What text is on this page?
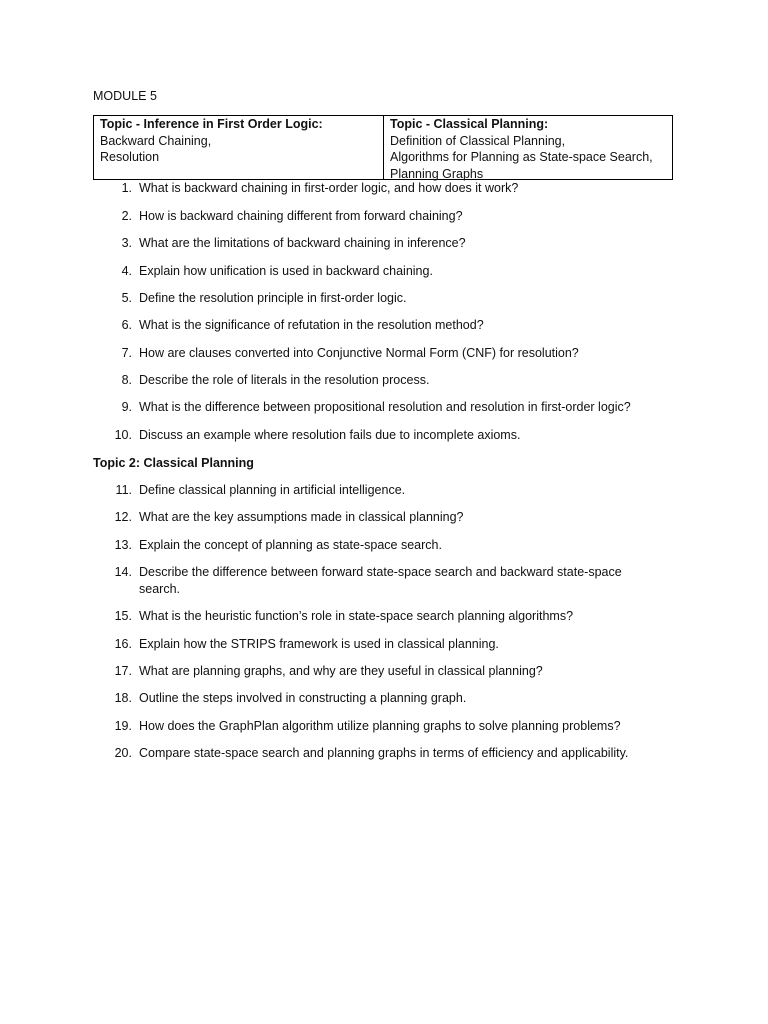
MODULE 5
Topic - Inference in First Order Logic:
Backward Chaining,
Resolution
Topic - Classical Planning:
Definition of Classical Planning,
Algorithms for Planning as State-space Search,
Planning Graphs
1. What is backward chaining in first-order logic, and how does it work?
2. How is backward chaining different from forward chaining?
3. What are the limitations of backward chaining in inference?
4. Explain how unification is used in backward chaining.
5. Define the resolution principle in first-order logic.
6. What is the significance of refutation in the resolution method?
7. How are clauses converted into Conjunctive Normal Form (CNF) for resolution?
8. Describe the role of literals in the resolution process.
9. What is the difference between propositional resolution and resolution in first-order logic?
10. Discuss an example where resolution fails due to incomplete axioms.
Topic 2: Classical Planning
11. Define classical planning in artificial intelligence.
12. What are the key assumptions made in classical planning?
13. Explain the concept of planning as state-space search.
14. Describe the difference between forward state-space search and backward state-space search.
15. What is the heuristic function’s role in state-space search planning algorithms?
16. Explain how the STRIPS framework is used in classical planning.
17. What are planning graphs, and why are they useful in classical planning?
18. Outline the steps involved in constructing a planning graph.
19. How does the GraphPlan algorithm utilize planning graphs to solve planning problems?
20. Compare state-space search and planning graphs in terms of efficiency and applicability.
